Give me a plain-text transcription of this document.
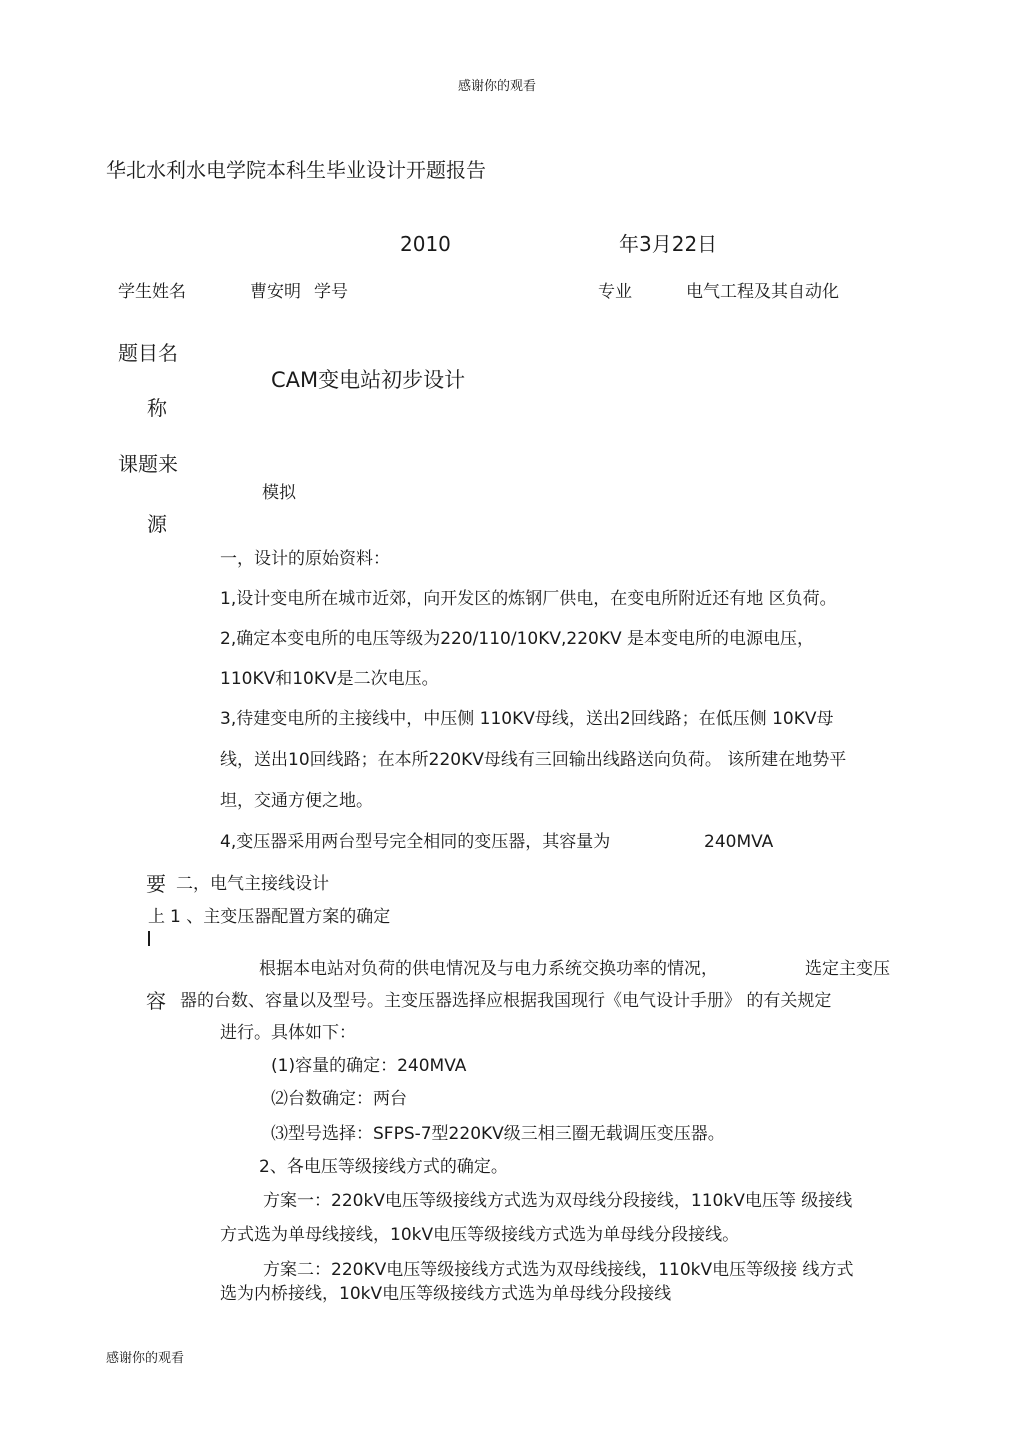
感谢你的观看
华北水利水电学院本科生毕业设计开题报告
2010	年3月22日
学生姓名	曹安明 学号	专业	电气工程及其自动化
题目名
称
CAM变电站初步设计
课题来
源
模拟
一，设计的原始资料：
1,设计变电所在城市近郊，向开发区的炼钢厂供电，在变电所附近还有地 区负荷。
2,确定本变电所的电压等级为220/110/10KV,220KV 是本变电所的电源电压，
110KV和10KV是二次电压。
3,待建变电所的主接线中，中压侧 110KV母线，送出2回线路；在低压侧 10KV母
线，送出10回线路；在本所220KV母线有三回输出线路送向负荷。 该所建在地势平
坦，交通方便之地。
4,变压器采用两台型号完全相同的变压器，其容量为	240MVA
要 二，电气主接线设计
上 1 、主变压器配置方案的确定
根据本电站对负荷的供电情况及与电力系统交换功率的情况，	选定主变压
容 器的台数、容量以及型号。主变压器选择应根据我国现行《电气设计手册》 的有关规定
进行。具体如下：
(1)容量的确定：240MVA
⑵台数确定：两台
⑶型号选择：SFPS-7型220KV级三相三圈无载调压变压器。
2、各电压等级接线方式的确定。
方案一：220kV电压等级接线方式选为双母线分段接线，110kV电压等 级接线
方式选为单母线接线，10kV电压等级接线方式选为单母线分段接线。
方案二：220KV电压等级接线方式选为双母线接线，110kV电压等级接 线方式
选为内桥接线，10kV电压等级接线方式选为单母线分段接线
感谢你的观看
